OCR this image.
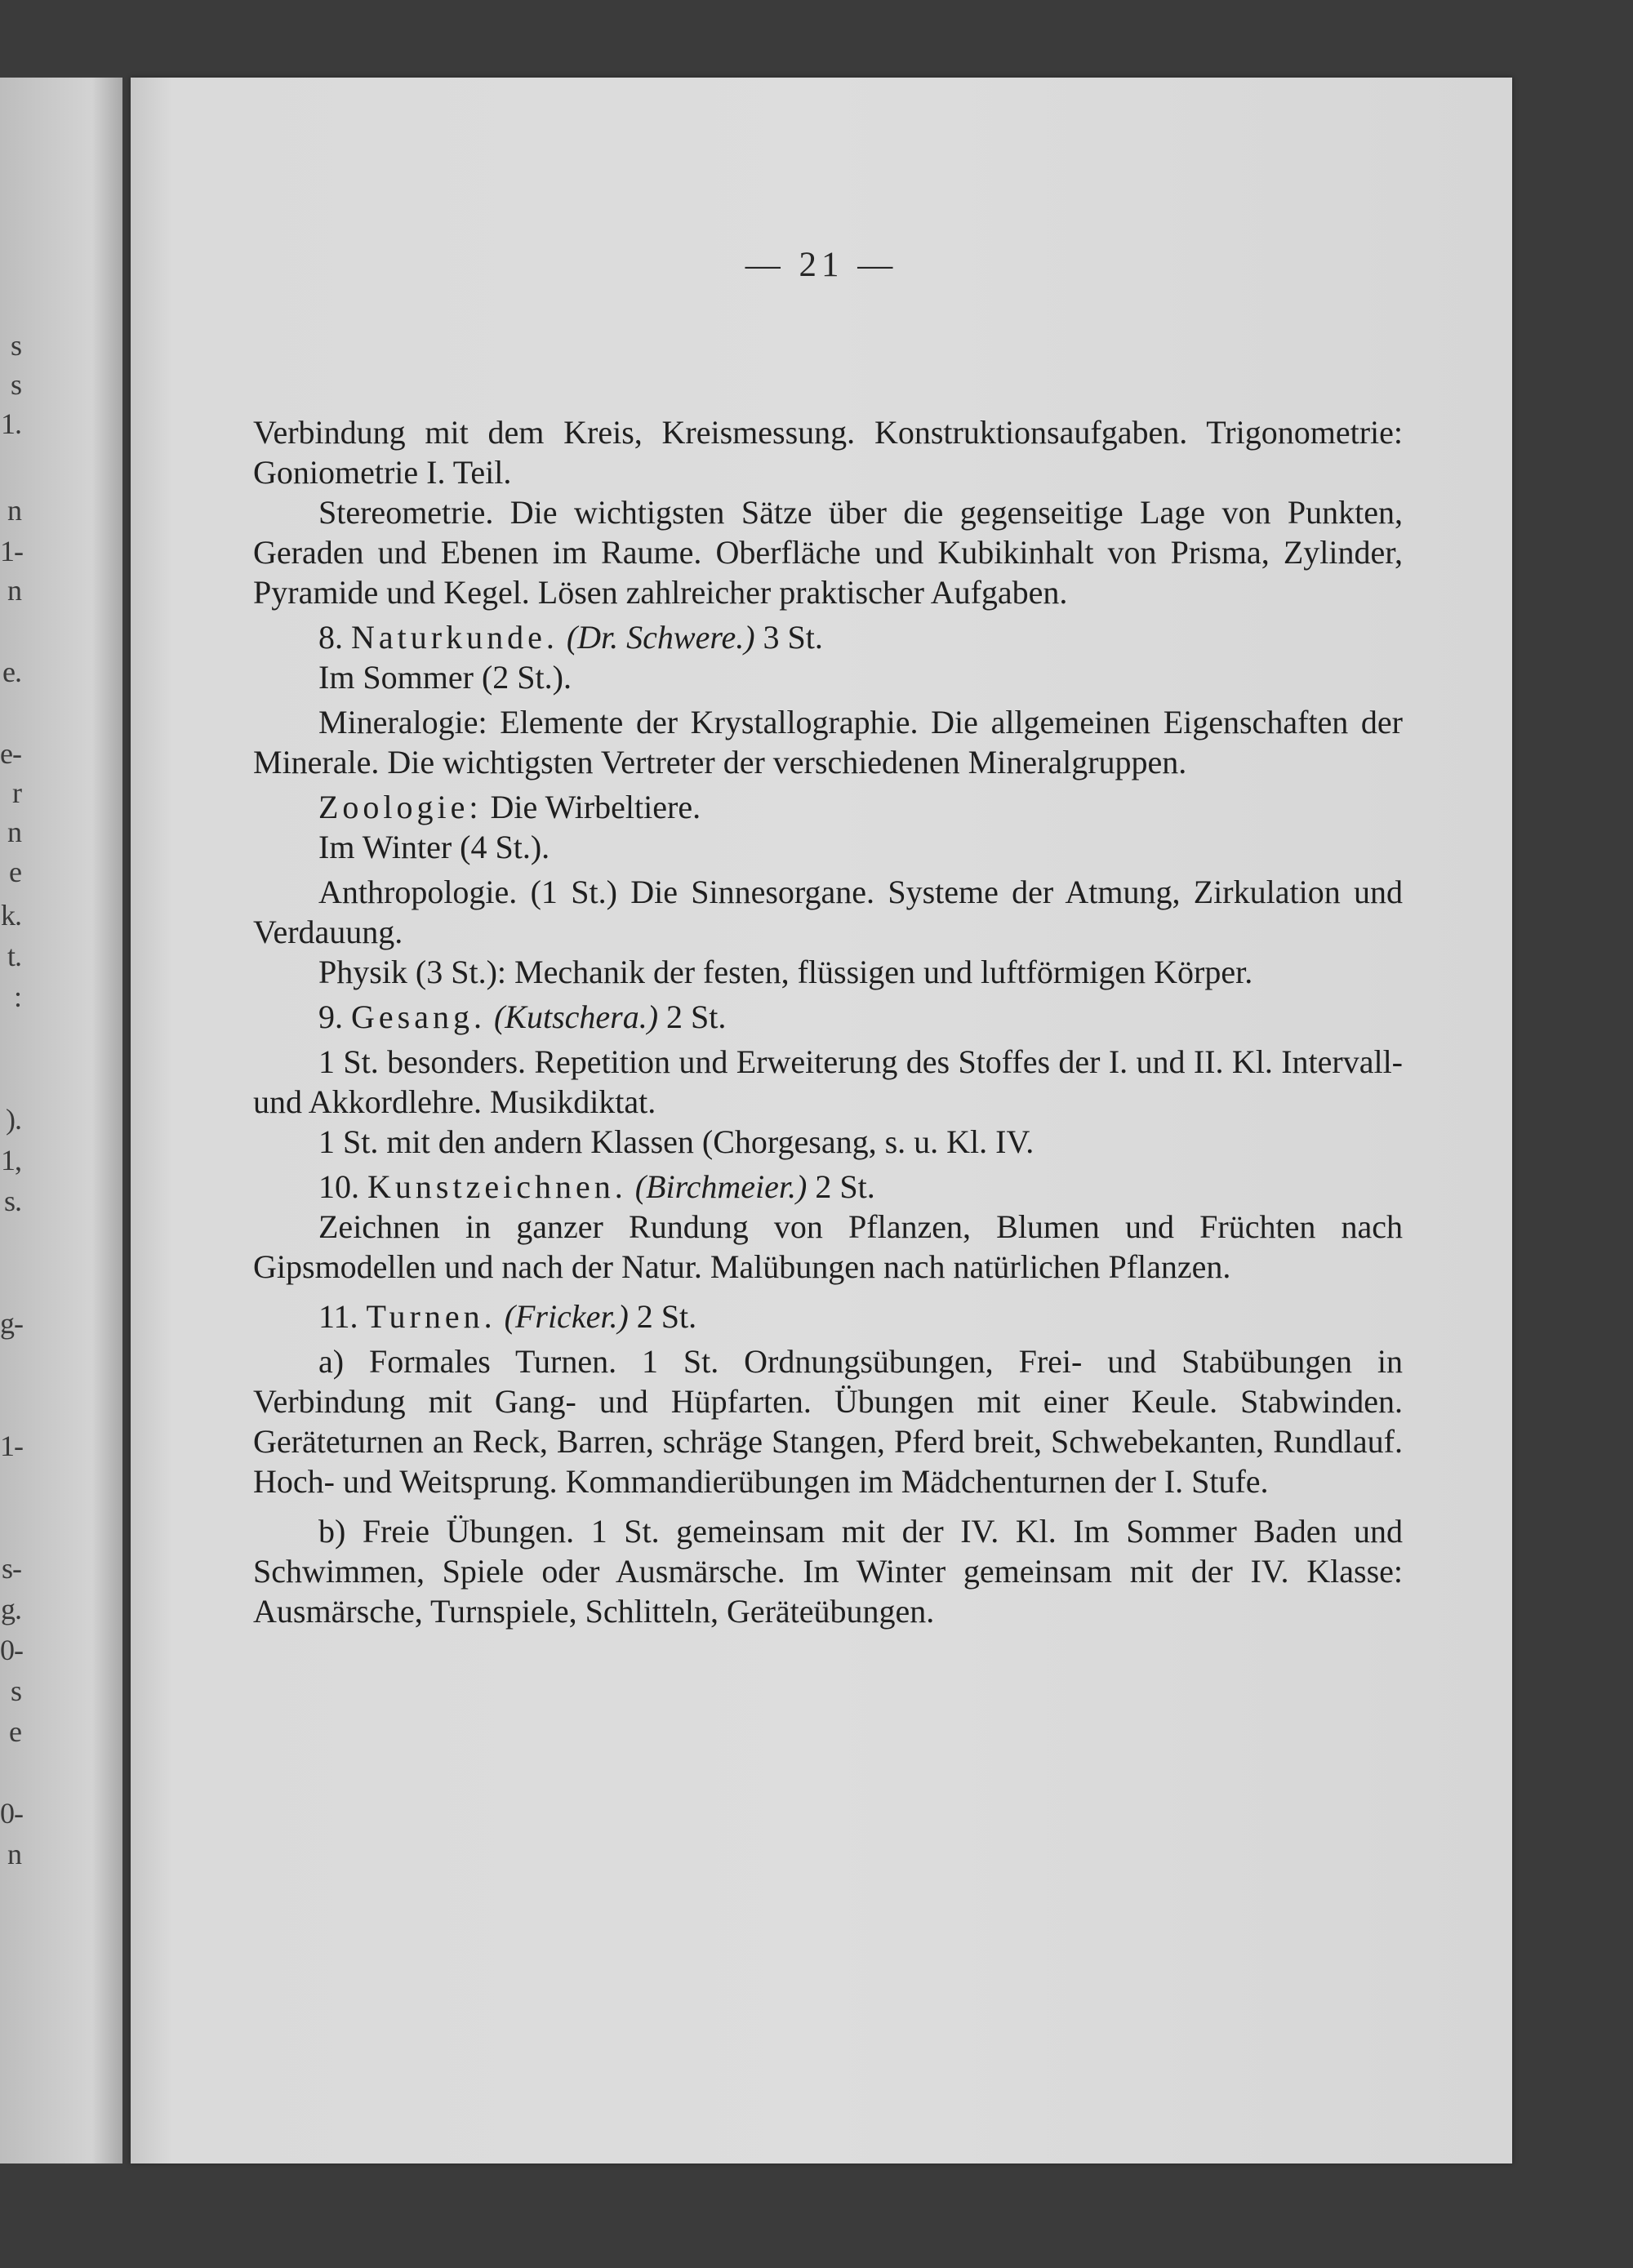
s
s
1.
n
1-
n
e.
e-
r
n
e
k.
t.
:
).
1,
s.
g-
1-
s-
g.
0-
s
e
0-
n
— 21 —

Verbindung mit dem Kreis, Kreismessung. Konstruktionsaufgaben. Trigonometrie: Goniometrie I. Teil.

Stereometrie. Die wichtigsten Sätze über die gegenseitige Lage von Punkten, Geraden und Ebenen im Raume. Oberfläche und Kubikinhalt von Prisma, Zylinder, Pyramide und Kegel. Lösen zahlreicher praktischer Aufgaben.

8. Naturkunde. (Dr. Schwere.) 3 St.

Im Sommer (2 St.).

Mineralogie: Elemente der Krystallographie. Die allgemeinen Eigenschaften der Minerale. Die wichtigsten Vertreter der verschiedenen Mineralgruppen.

Zoologie: Die Wirbeltiere.

Im Winter (4 St.).

Anthropologie. (1 St.) Die Sinnesorgane. Systeme der Atmung, Zirkulation und Verdauung.

Physik (3 St.): Mechanik der festen, flüssigen und luftförmigen Körper.

9. Gesang. (Kutschera.) 2 St.

1 St. besonders. Repetition und Erweiterung des Stoffes der I. und II. Kl. Intervall- und Akkordlehre. Musikdiktat.

1 St. mit den andern Klassen (Chorgesang, s. u. Kl. IV.

10. Kunstzeichnen. (Birchmeier.) 2 St.

Zeichnen in ganzer Rundung von Pflanzen, Blumen und Früchten nach Gipsmodellen und nach der Natur. Malübungen nach natürlichen Pflanzen.

11. Turnen. (Fricker.) 2 St.

a) Formales Turnen. 1 St. Ordnungsübungen, Frei- und Stabübungen in Verbindung mit Gang- und Hüpfarten. Übungen mit einer Keule. Stabwinden. Geräteturnen an Reck, Barren, schräge Stangen, Pferd breit, Schwebekanten, Rundlauf. Hoch- und Weitsprung. Kommandierübungen im Mädchenturnen der I. Stufe.

b) Freie Übungen. 1 St. gemeinsam mit der IV. Kl. Im Sommer Baden und Schwimmen, Spiele oder Ausmärsche. Im Winter gemeinsam mit der IV. Klasse: Ausmärsche, Turnspiele, Schlitteln, Geräteübungen.
